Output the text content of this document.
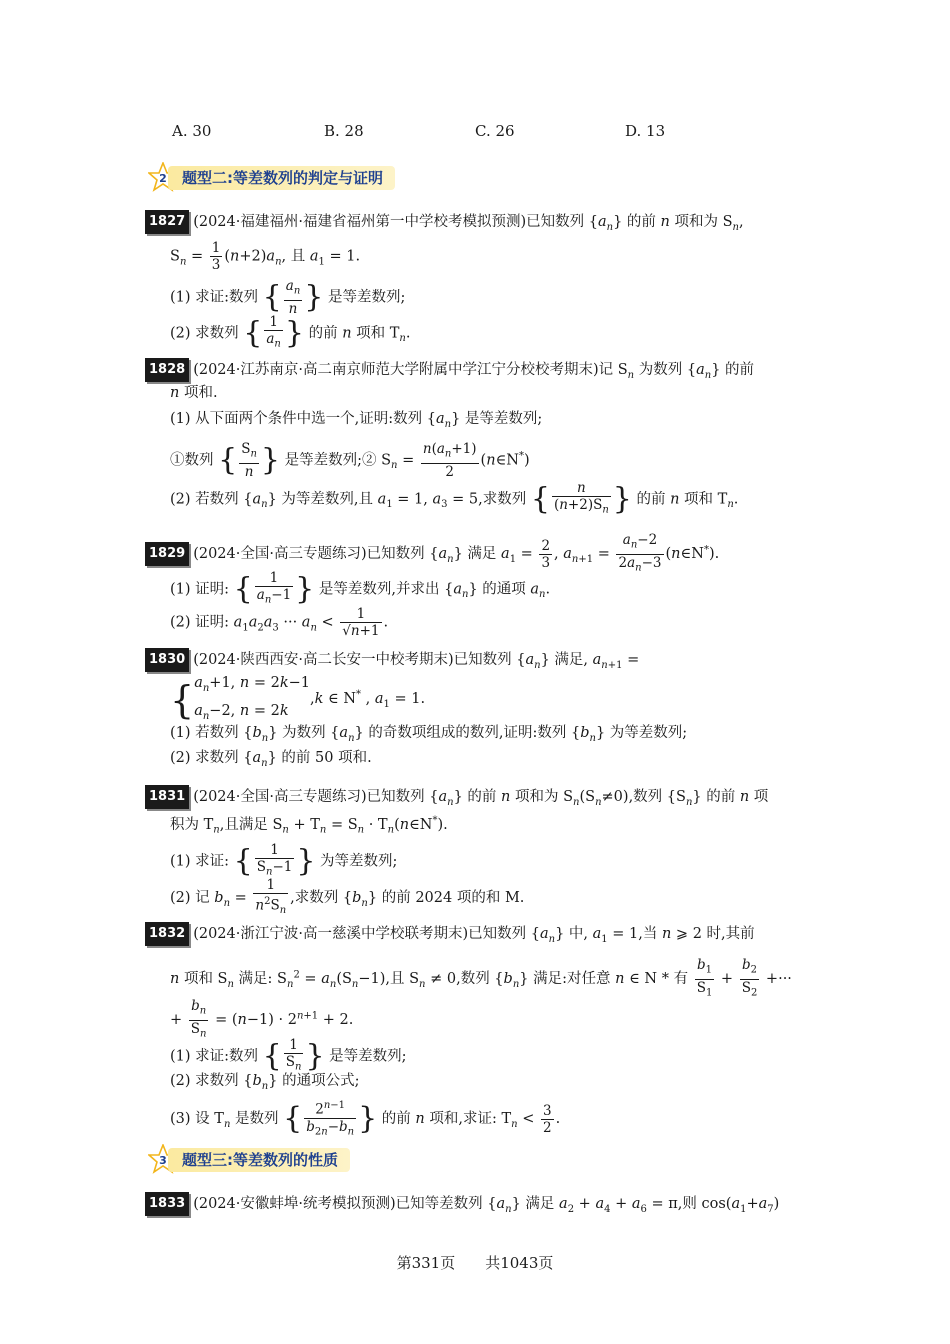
A. 30	B. 28	C. 26	D. 13
2	题型二:等差数列的判定与证明
1827 (2024·福建福州·福建省福州第一中学校考模拟预测)已知数列 $\{a_n\}$ 的前 n 项和为 $S_n$,
$S_n = \frac{1}{3} (n+2)a_n$, 且 $a_1 = 1$.
(1) 求证:数列 { $\frac{a_n}{n}$ } 是等差数列;
(2) 求数列 { $\frac{1}{a_n}$ } 的前 n 项和 $T_n$.
1828 (2024·江苏南京·高二南京师范大学附属中学江宁分校校考期末)记 $S_n$ 为数列 $\{a_n\}$ 的前
n 项和.
(1) 从下面两个条件中选一个,证明:数列 $\{a_n\}$ 是等差数列;
①数列 { $\frac{S_n}{n}$ } 是等差数列;② $S_n = \frac{n(a_n+1)}{2}$ (n∈N*)
(2) 若数列 $\{a_n\}$ 为等差数列,且 $a_1 = 1$, $a_3 = 5$,求数列 { $\frac{n}{(n+2)S_n}$ } 的前 n 项和 $T_n$.
1829 (2024·全国·高三专题练习)已知数列 $\{a_n\}$ 满足 $a_1 = \frac{2}{3}$ , $a_{n+1} = \frac{a_n-2}{2a_n-3}$ (n∈N*).
(1) 证明: { $\frac{1}{a_n-1}$ } 是等差数列,并求出 $\{a_n\}$ 的通项 $a_n$.
(2) 证明: $a_1a_2a_3$ ··· $a_n < \frac{1}{√n+1}$ .
1830 (2024·陕西西安·高二长安一中校考期末)已知数列 $\{a_n\}$ 满足, $a_{n+1}$ =
{ $a_n+1$, n = 2k−1
$a_n-2$, n = 2k
,k ∈ N* , $a_1 = 1$.
(1) 若数列 $\{b_n\}$ 为数列 $\{a_n\}$ 的奇数项组成的数列,证明:数列 $\{b_n\}$ 为等差数列;
(2) 求数列 $\{a_n\}$ 的前 50 项和.
1831 (2024·全国·高三专题练习)已知数列 $\{a_n\}$ 的前 n 项和为 $S_n(S_n\ne 0)$,数列 $\{S_n\}$ 的前 n 项
积为 $T_n$,且满足 $S_n + T_n = S_n$ · $T_n(n\in N^*)$.
(1) 求证: { $\frac{1}{S_n-1}$ } 为等差数列;
(2) 记 $b_n = \frac{1}{n^2S_n}$ ,求数列 $\{b_n\}$ 的前 2024 项的和 M.
1832 (2024·浙江宁波·高一慈溪中学校联考期末)已知数列 $\{a_n\}$ 中, $a_1 = 1$,当 n ⩾ 2 时,其前
n 项和 $S_n$ 满足: $S_n^2 = a_n(S_n-1)$,且 $S_n \ne 0$,数列 $\{b_n\}$ 满足:对任意 n ∈ N * 有 $\frac{b_1}{S_1} + \frac{b_2}{S_2}$ +···
+ $\frac{b_n}{S_n} = (n-1) \cdot 2^{n+1} + 2$.
(1) 求证:数列 { $\frac{1}{S_n}$ } 是等差数列;
(2) 求数列 $\{b_n\}$ 的通项公式;
(3) 设 $T_n$ 是数列 { $\frac{2^{n-1}}{b_{2n}-b_n}$ } 的前 n 项和,求证: $T_n < \frac{3}{2}$ .
3	题型三:等差数列的性质
1833 (2024·安徽蚌埠·统考模拟预测)已知等差数列 $\{a_n\}$ 满足 $a_2 + a_4 + a_6 = \pi$,则 $\cos(a_1+a_7)$
第331页　　共1043页
